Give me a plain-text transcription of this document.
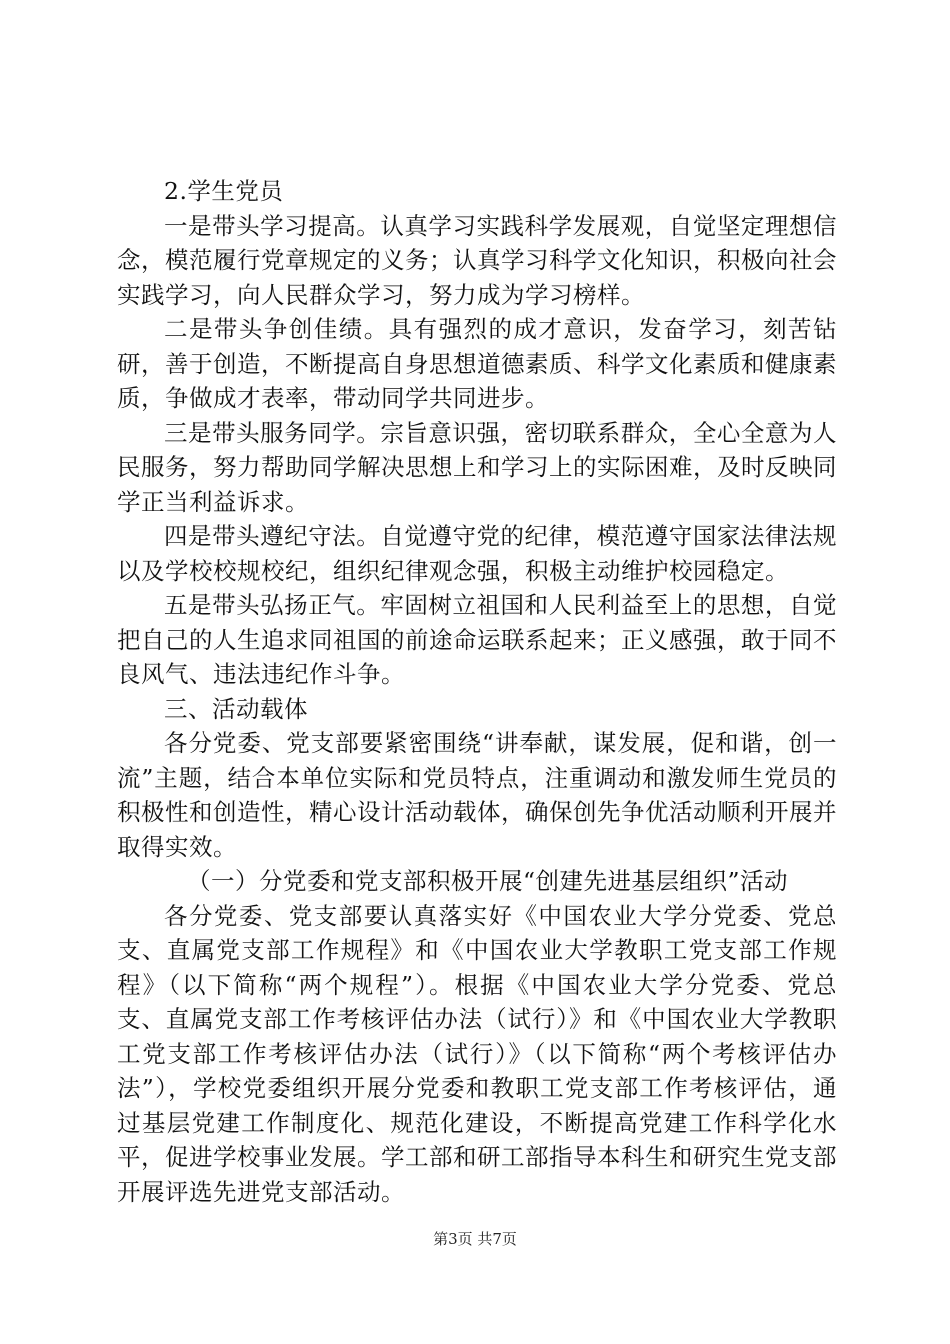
2.学生党员

一是带头学习提高。认真学习实践科学发展观，自觉坚定理想信念，模范履行党章规定的义务；认真学习科学文化知识，积极向社会实践学习，向人民群众学习，努力成为学习榜样。

二是带头争创佳绩。具有强烈的成才意识，发奋学习，刻苦钻研，善于创造，不断提高自身思想道德素质、科学文化素质和健康素质，争做成才表率，带动同学共同进步。

三是带头服务同学。宗旨意识强，密切联系群众，全心全意为人民服务，努力帮助同学解决思想上和学习上的实际困难，及时反映同学正当利益诉求。

四是带头遵纪守法。自觉遵守党的纪律，模范遵守国家法律法规以及学校校规校纪，组织纪律观念强，积极主动维护校园稳定。

五是带头弘扬正气。牢固树立祖国和人民利益至上的思想，自觉把自己的人生追求同祖国的前途命运联系起来；正义感强，敢于同不良风气、违法违纪作斗争。

三、活动载体

各分党委、党支部要紧密围绕“讲奉献，谋发展，促和谐，创一流”主题，结合本单位实际和党员特点，注重调动和激发师生党员的积极性和创造性，精心设计活动载体，确保创先争优活动顺利开展并取得实效。

（一）分党委和党支部积极开展“创建先进基层组织”活动

各分党委、党支部要认真落实好《中国农业大学分党委、党总支、直属党支部工作规程》和《中国农业大学教职工党支部工作规程》（以下简称“两个规程”）。根据《中国农业大学分党委、党总支、直属党支部工作考核评估办法（试行）》和《中国农业大学教职工党支部工作考核评估办法（试行）》（以下简称“两个考核评估办法”），学校党委组织开展分党委和教职工党支部工作考核评估，通过基层党建工作制度化、规范化建设，不断提高党建工作科学化水平，促进学校事业发展。学工部和研工部指导本科生和研究生党支部开展评选先进党支部活动。

第3页 共7页
